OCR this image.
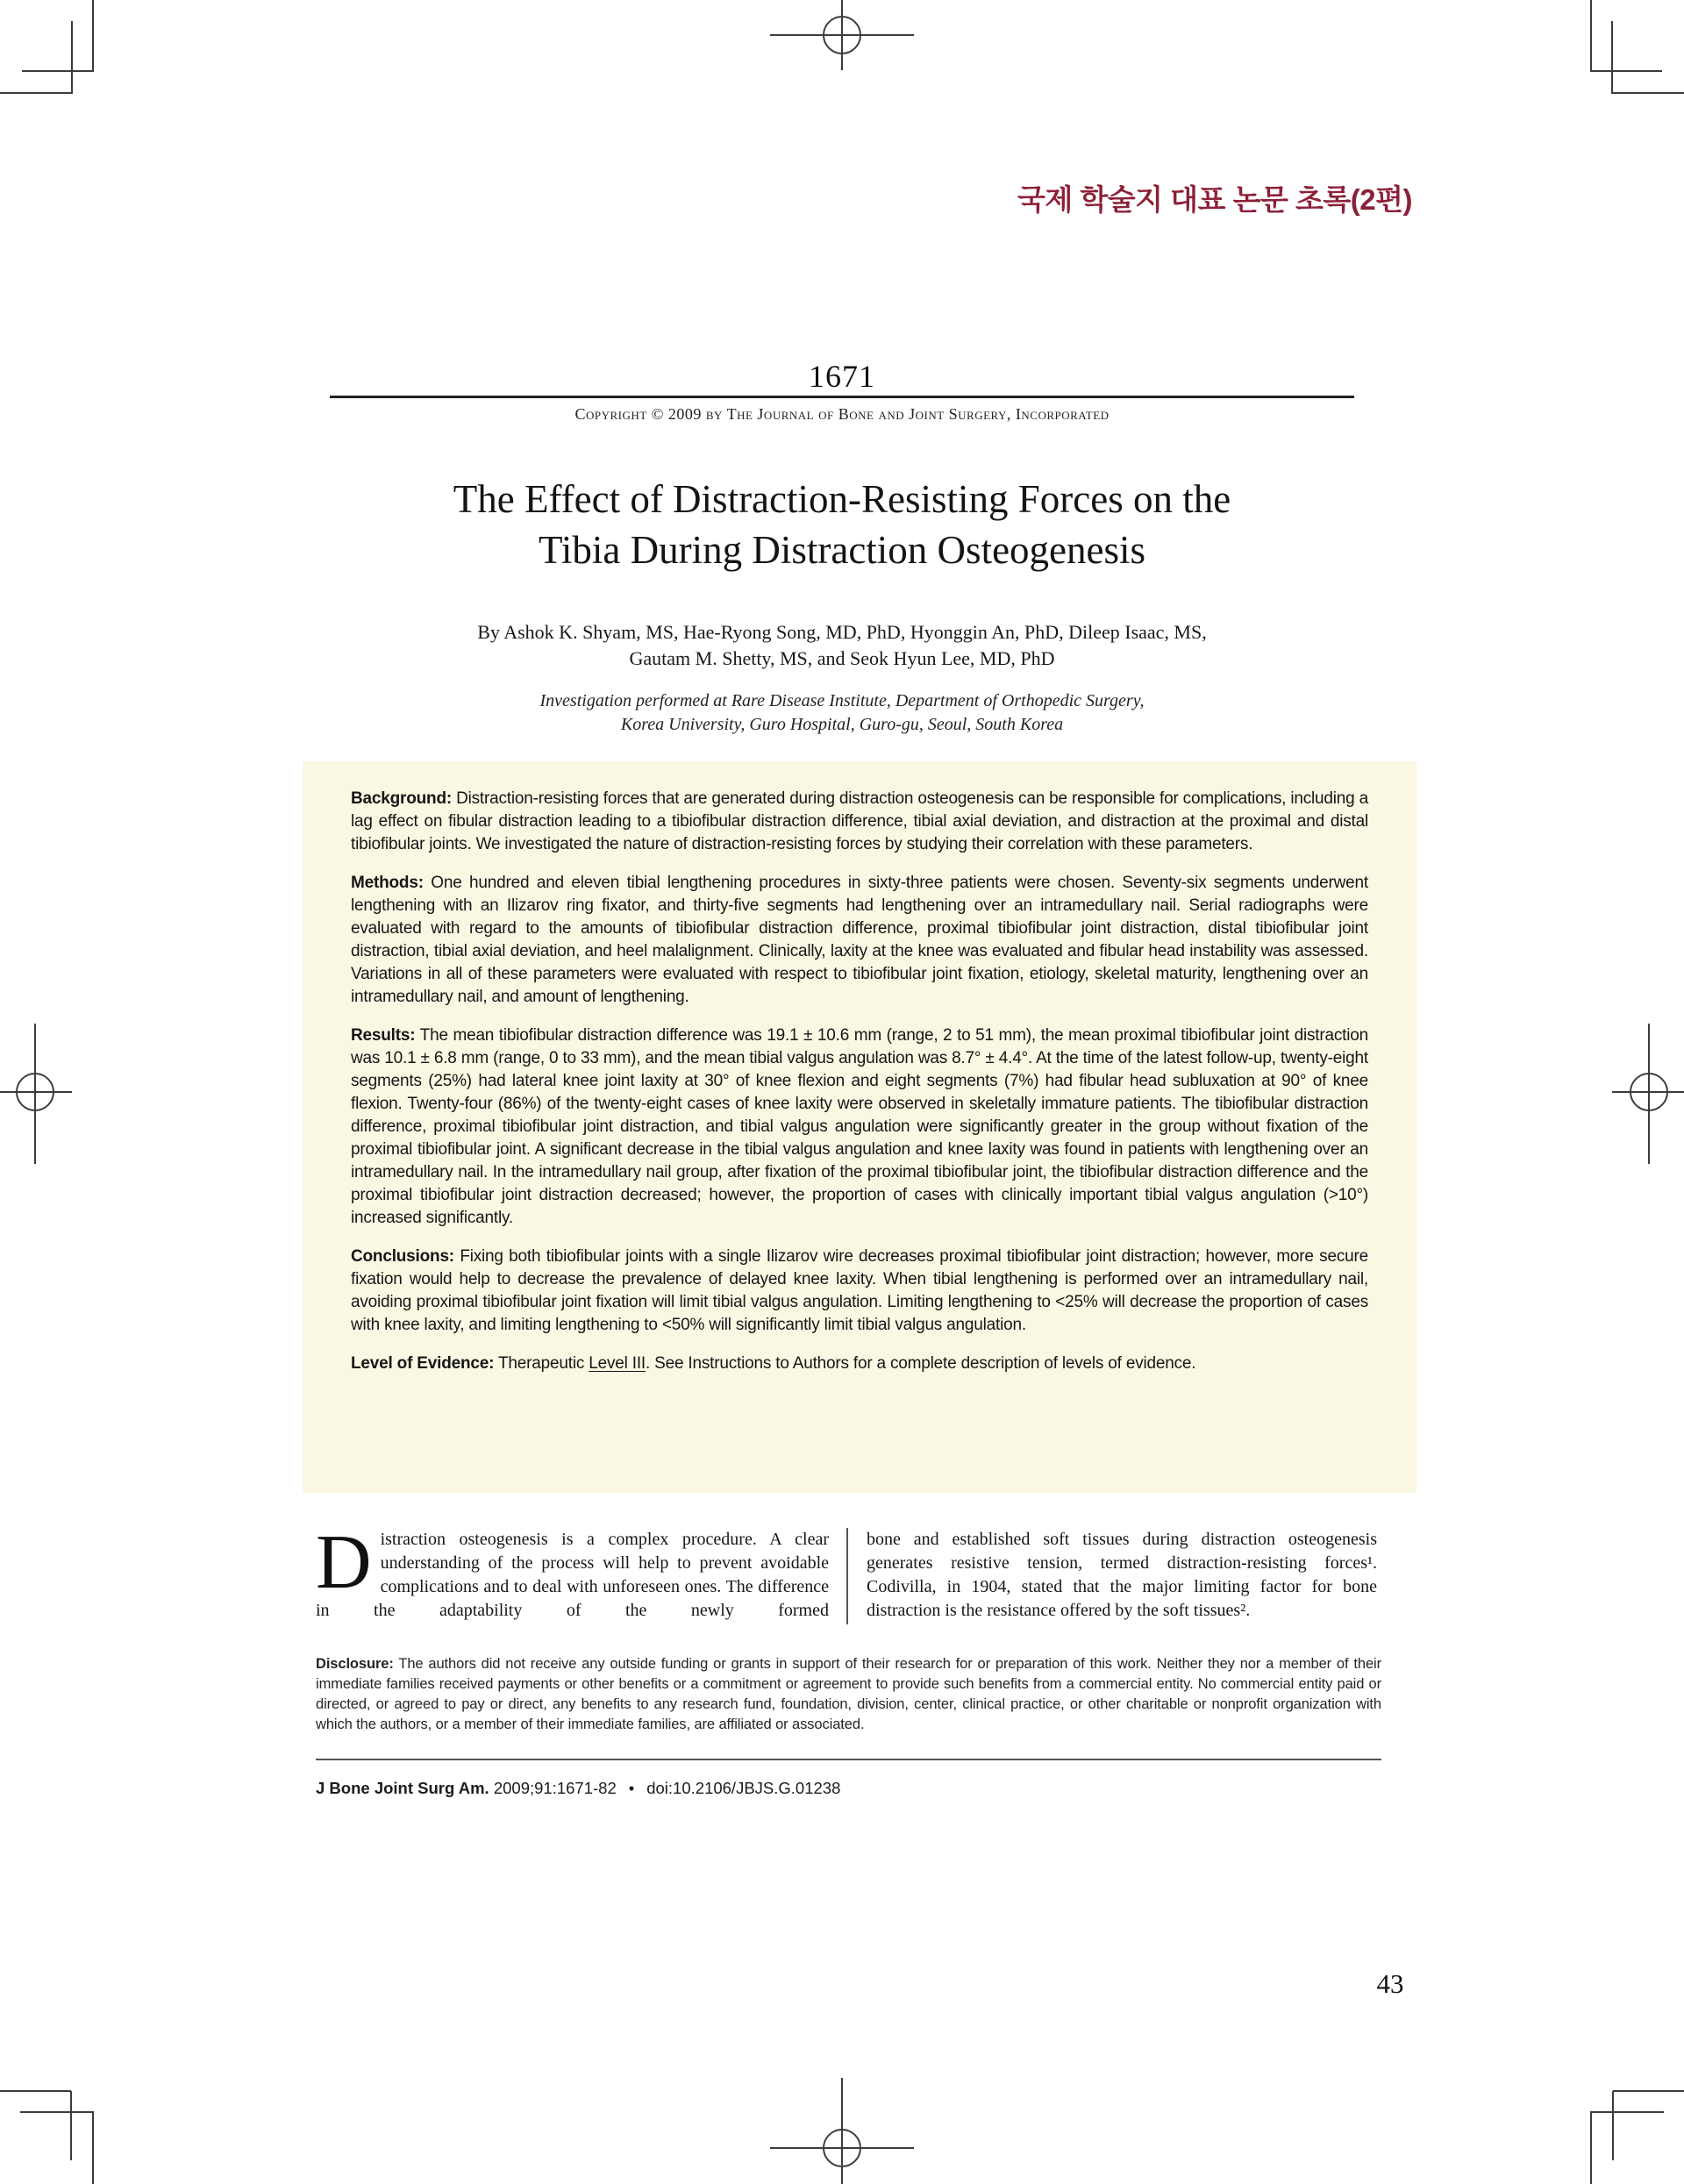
국제 학술지 대표 논문 초록(2편)
1671
Copyright © 2009 by The Journal of Bone and Joint Surgery, Incorporated
The Effect of Distraction-Resisting Forces on the
Tibia During Distraction Osteogenesis
By Ashok K. Shyam, MS, Hae-Ryong Song, MD, PhD, Hyonggin An, PhD, Dileep Isaac, MS,
Gautam M. Shetty, MS, and Seok Hyun Lee, MD, PhD
Investigation performed at Rare Disease Institute, Department of Orthopedic Surgery,
Korea University, Guro Hospital, Guro-gu, Seoul, South Korea

Background: Distraction-resisting forces that are generated during distraction osteogenesis can be responsible for complications, including a lag effect on fibular distraction leading to a tibiofibular distraction difference, tibial axial deviation, and distraction at the proximal and distal tibiofibular joints. We investigated the nature of distraction-resisting forces by studying their correlation with these parameters.

Methods: One hundred and eleven tibial lengthening procedures in sixty-three patients were chosen. Seventy-six segments underwent lengthening with an Ilizarov ring fixator, and thirty-five segments had lengthening over an intramedullary nail. Serial radiographs were evaluated with regard to the amounts of tibiofibular distraction difference, proximal tibiofibular joint distraction, distal tibiofibular joint distraction, tibial axial deviation, and heel malalignment. Clinically, laxity at the knee was evaluated and fibular head instability was assessed. Variations in all of these parameters were evaluated with respect to tibiofibular joint fixation, etiology, skeletal maturity, lengthening over an intramedullary nail, and amount of lengthening.

Results: The mean tibiofibular distraction difference was 19.1 ± 10.6 mm (range, 2 to 51 mm), the mean proximal tibiofibular joint distraction was 10.1 ± 6.8 mm (range, 0 to 33 mm), and the mean tibial valgus angulation was 8.7° ± 4.4°. At the time of the latest follow-up, twenty-eight segments (25%) had lateral knee joint laxity at 30° of knee flexion and eight segments (7%) had fibular head subluxation at 90° of knee flexion. Twenty-four (86%) of the twenty-eight cases of knee laxity were observed in skeletally immature patients. The tibiofibular distraction difference, proximal tibiofibular joint distraction, and tibial valgus angulation were significantly greater in the group without fixation of the proximal tibiofibular joint. A significant decrease in the tibial valgus angulation and knee laxity was found in patients with lengthening over an intramedullary nail. In the intramedullary nail group, after fixation of the proximal tibiofibular joint, the tibiofibular distraction difference and the proximal tibiofibular joint distraction decreased; however, the proportion of cases with clinically important tibial valgus angulation (>10°) increased significantly.

Conclusions: Fixing both tibiofibular joints with a single Ilizarov wire decreases proximal tibiofibular joint distraction; however, more secure fixation would help to decrease the prevalence of delayed knee laxity. When tibial lengthening is performed over an intramedullary nail, avoiding proximal tibiofibular joint fixation will limit tibial valgus angulation. Limiting lengthening to <25% will decrease the proportion of cases with knee laxity, and limiting lengthening to <50% will significantly limit tibial valgus angulation.

Level of Evidence: Therapeutic Level III. See Instructions to Authors for a complete description of levels of evidence.

Distraction osteogenesis is a complex procedure. A clear understanding of the process will help to prevent avoidable complications and to deal with unforeseen ones. The difference in the adaptability of the newly formed
bone and established soft tissues during distraction osteogenesis generates resistive tension, termed distraction-resisting forces¹. Codivilla, in 1904, stated that the major limiting factor for bone distraction is the resistance offered by the soft tissues².
Disclosure: The authors did not receive any outside funding or grants in support of their research for or preparation of this work. Neither they nor a member of their immediate families received payments or other benefits or a commitment or agreement to provide such benefits from a commercial entity. No commercial entity paid or directed, or agreed to pay or direct, any benefits to any research fund, foundation, division, center, clinical practice, or other charitable or nonprofit organization with which the authors, or a member of their immediate families, are affiliated or associated.
J Bone Joint Surg Am. 2009;91:1671-82 • doi:10.2106/JBJS.G.01238
43
